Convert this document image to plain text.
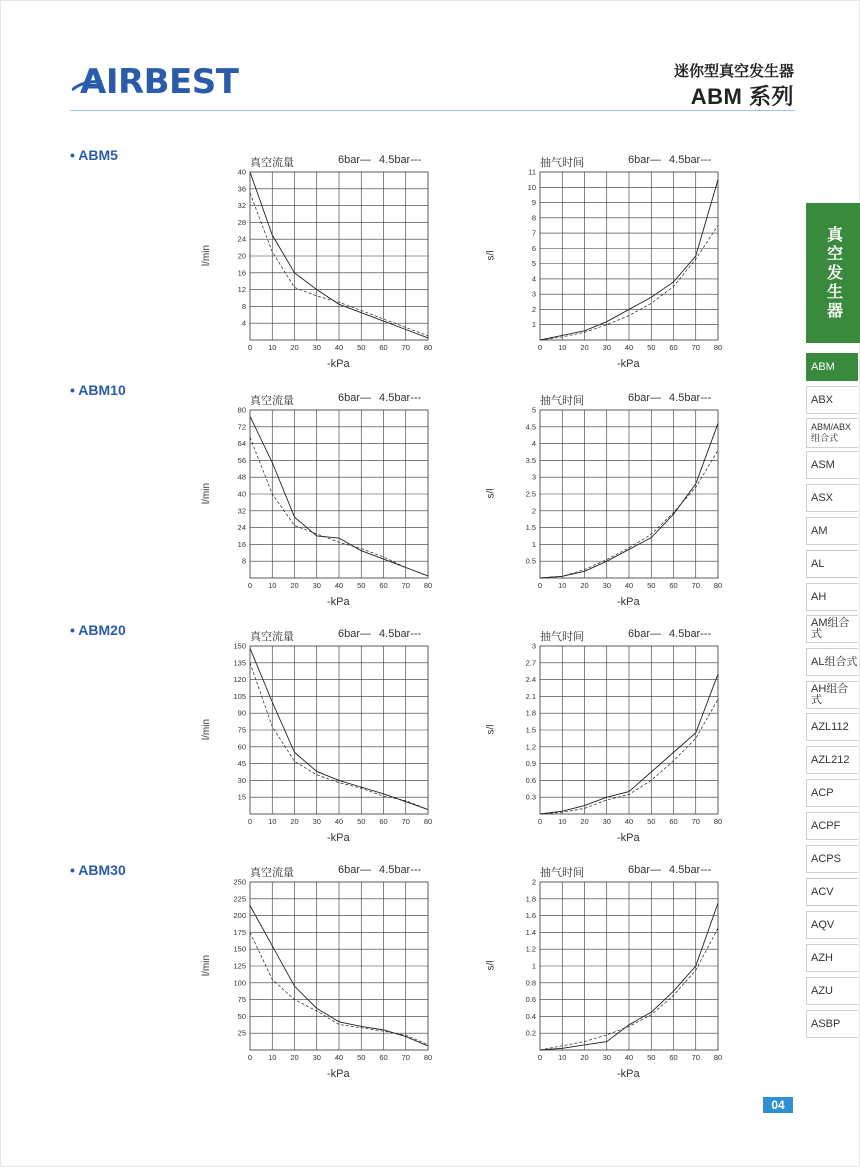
AIRBEST	迷你型真空发生器
ABM 系列
• ABM5
• ABM10
• ABM20
• ABM30
0 10 20 30 40 50 60 70 80
4
8
12
16
20
24
28
32
36
40
真空流量	6bar— 4.5bar---
l/min
-kPa
0 10 20 30 40 50 60 70 80
1
2
3
4
5
6
7
8
9
10
11
抽气时间	6bar— 4.5bar---
s/l
-kPa
0 10 20 30 40 50 60 70 80
8
16
24
32
40
48
56
64
72
80
真空流量	6bar— 4.5bar---
l/min
-kPa
0 10 20 30 40 50 60 70 80
0.5
1
1.5
2
2.5
3
3.5
4
4.5
5
抽气时间	6bar— 4.5bar---
s/l
-kPa
0 10 20 30 40 50 60 70 80
15
30
45
60
75
90
105
120
135
150
真空流量	6bar— 4.5bar---
l/min
-kPa
0 10 20 30 40 50 60 70 80
0.3
0.6
0.9
1.2
1.5
1.8
2.1
2.4
2.7
3
抽气时间	6bar— 4.5bar---
s/l
-kPa
0 10 20 30 40 50 60 70 80
25
50
75
100
125
150
175
200
225
250
真空流量	6bar— 4.5bar---
l/min
-kPa
0 10 20 30 40 50 60 70 80
0.2
0.4
0.6
0.8
1
1.2
1.4
1.6
1.8
2
抽气时间	6bar— 4.5bar---
s/l
-kPa
真空发生器
ABM
ABX
ABM/ABX 组合式
ASM
ASX
AM
AL
AH
AM组合式
AL组合式
AH组合式
AZL112
AZL212
ACP
ACPF
ACPS
ACV
AQV
AZH
AZU
ASBP
04
